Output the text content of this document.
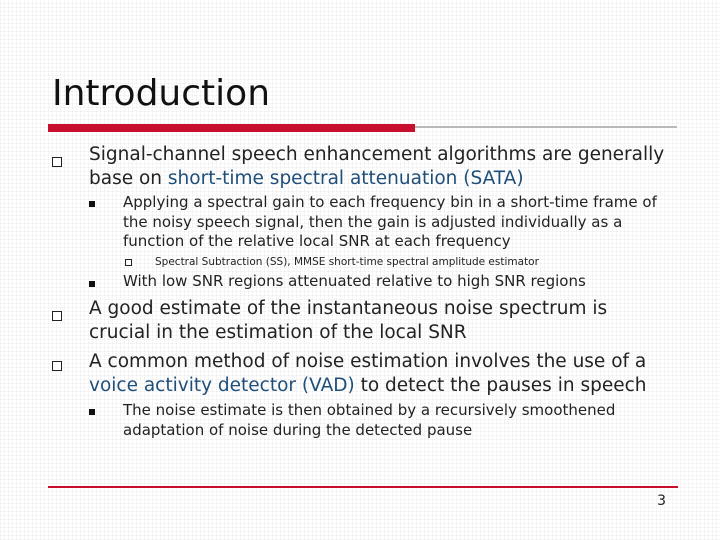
Introduction
Signal-channel speech enhancement algorithms are generally
base on short-time spectral attenuation (SATA)
Applying a spectral gain to each frequency bin in a short-time frame of
the noisy speech signal, then the gain is adjusted individually as a
function of the relative local SNR at each frequency
Spectral Subtraction (SS), MMSE short-time spectral amplitude estimator
With low SNR regions attenuated relative to high SNR regions
A good estimate of the instantaneous noise spectrum is
crucial in the estimation of the local SNR
A common method of noise estimation involves the use of a
voice activity detector (VAD) to detect the pauses in speech
The noise estimate is then obtained by a recursively smoothened
adaptation of noise during the detected pause
3
